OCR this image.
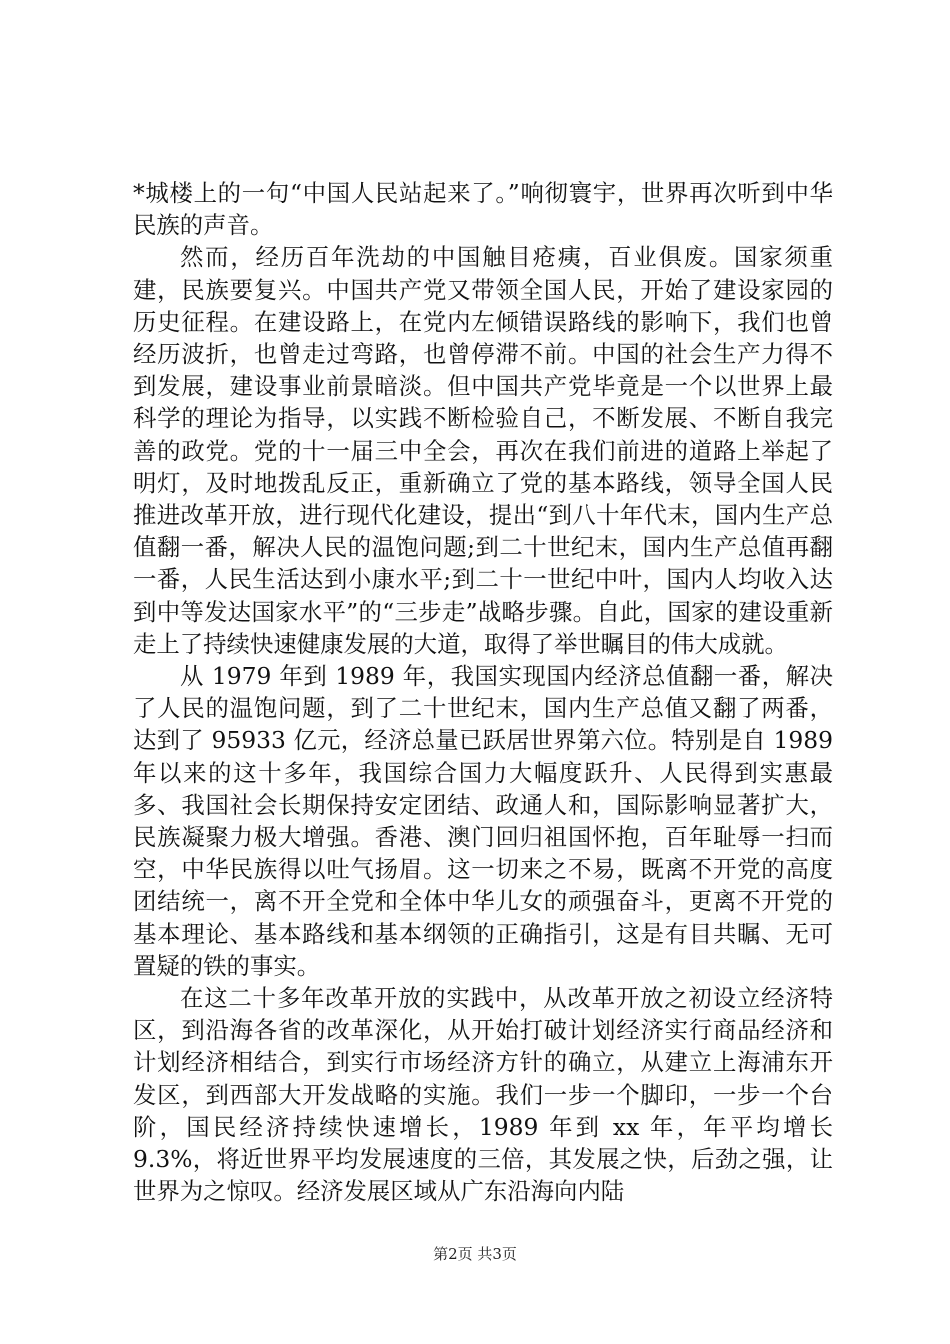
*城楼上的一句“中国人民站起来了。”响彻寰宇，世界再次听到中华民族的声音。

然而，经历百年洗劫的中国触目疮痍，百业俱废。国家须重建，民族要复兴。中国共产党又带领全国人民，开始了建设家园的历史征程。在建设路上，在党内左倾错误路线的影响下，我们也曾经历波折，也曾走过弯路，也曾停滞不前。中国的社会生产力得不到发展，建设事业前景暗淡。但中国共产党毕竟是一个以世界上最科学的理论为指导，以实践不断检验自己，不断发展、不断自我完善的政党。党的十一届三中全会，再次在我们前进的道路上举起了明灯，及时地拨乱反正，重新确立了党的基本路线，领导全国人民推进改革开放，进行现代化建设，提出“到八十年代末，国内生产总值翻一番，解决人民的温饱问题;到二十世纪末，国内生产总值再翻一番，人民生活达到小康水平;到二十一世纪中叶，国内人均收入达到中等发达国家水平”的“三步走”战略步骤。自此，国家的建设重新走上了持续快速健康发展的大道，取得了举世瞩目的伟大成就。

从 1979 年到 1989 年，我国实现国内经济总值翻一番，解决了人民的温饱问题，到了二十世纪末，国内生产总值又翻了两番，达到了 95933 亿元，经济总量已跃居世界第六位。特别是自 1989 年以来的这十多年，我国综合国力大幅度跃升、人民得到实惠最多、我国社会长期保持安定团结、政通人和，国际影响显著扩大，民族凝聚力极大增强。香港、澳门回归祖国怀抱，百年耻辱一扫而空，中华民族得以吐气扬眉。这一切来之不易，既离不开党的高度团结统一，离不开全党和全体中华儿女的顽强奋斗，更离不开党的基本理论、基本路线和基本纲领的正确指引，这是有目共瞩、无可置疑的铁的事实。

在这二十多年改革开放的实践中，从改革开放之初设立经济特区，到沿海各省的改革深化，从开始打破计划经济实行商品经济和计划经济相结合，到实行市场经济方针的确立，从建立上海浦东开发区，到西部大开发战略的实施。我们一步一个脚印，一步一个台阶，国民经济持续快速增长，1989 年到 xx 年，年平均增长 9.3%，将近世界平均发展速度的三倍，其发展之快，后劲之强，让世界为之惊叹。经济发展区域从广东沿海向内陆

第2页 共3页
